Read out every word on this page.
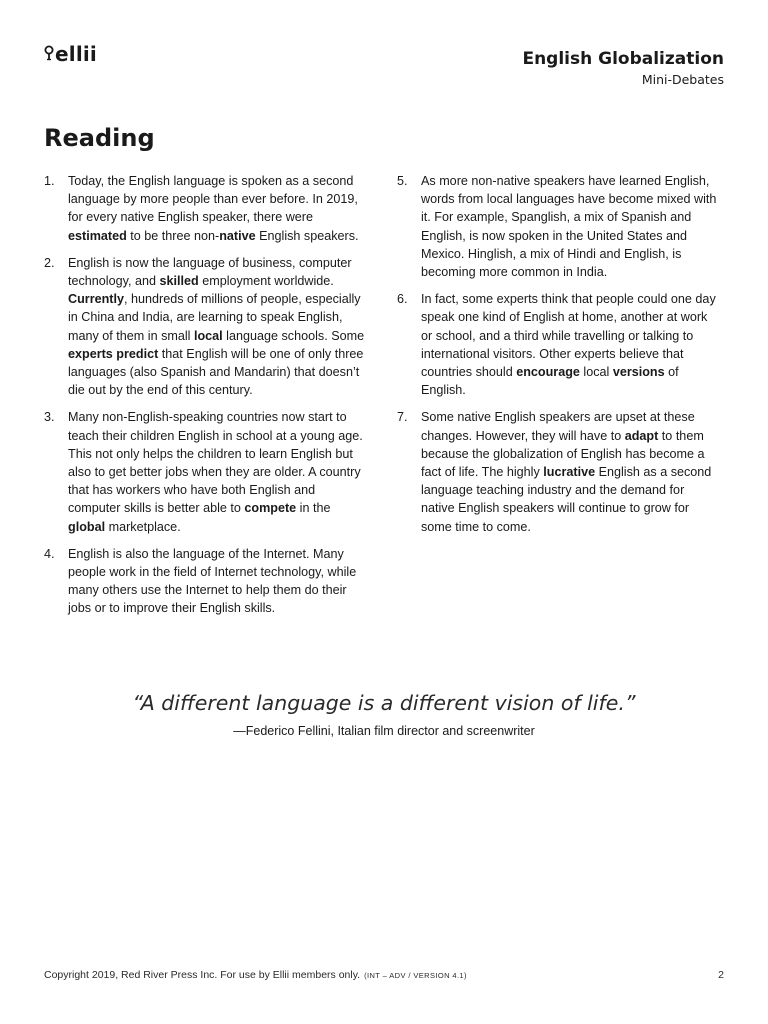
ellii	English Globalization
Mini-Debates
Reading
1.	Today, the English language is spoken as a second language by more people than ever before. In 2019, for every native English speaker, there were estimated to be three non-native English speakers.
2.	English is now the language of business, computer technology, and skilled employment worldwide. Currently, hundreds of millions of people, especially in China and India, are learning to speak English, many of them in small local language schools. Some experts predict that English will be one of only three languages (also Spanish and Mandarin) that doesn’t die out by the end of this century.
3.	Many non-English-speaking countries now start to teach their children English in school at a young age. This not only helps the children to learn English but also to get better jobs when they are older. A country that has workers who have both English and computer skills is better able to compete in the global marketplace.
4.	English is also the language of the Internet. Many people work in the field of Internet technology, while many others use the Internet to help them do their jobs or to improve their English skills.
5.	As more non-native speakers have learned English, words from local languages have become mixed with it. For example, Spanglish, a mix of Spanish and English, is now spoken in the United States and Mexico. Hinglish, a mix of Hindi and English, is becoming more common in India.
6.	In fact, some experts think that people could one day speak one kind of English at home, another at work or school, and a third while travelling or talking to international visitors. Other experts believe that countries should encourage local versions of English.
7.	Some native English speakers are upset at these changes. However, they will have to adapt to them because the globalization of English has become a fact of life. The highly lucrative English as a second language teaching industry and the demand for native English speakers will continue to grow for some time to come.
“A different language is a different vision of life.”
—Federico Fellini, Italian film director and screenwriter
Copyright 2019, Red River Press Inc. For use by Ellii members only. (INT – ADV / VERSION 4.1)	2
